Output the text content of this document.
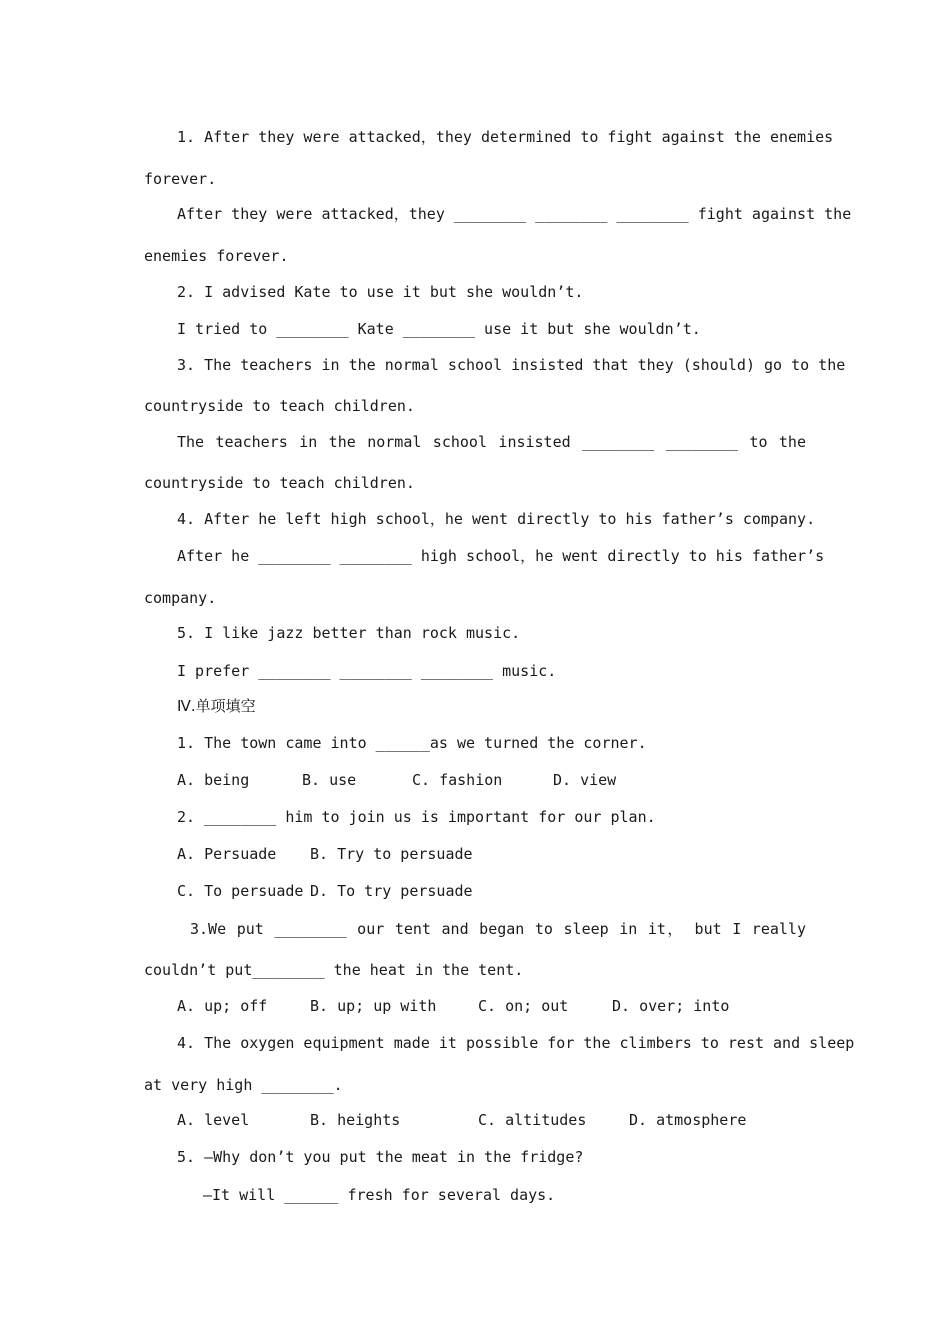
1. After they were attacked，they determined to fight against the enemies

forever.

After they were attacked，they ________ ________ ________ fight against the

enemies forever.

2. I advised Kate to use it but she wouldn’t.

I tried to ________ Kate ________ use it but she wouldn’t.

3. The teachers in the normal school insisted that they (should) go to the

countryside to teach children.

The teachers in the normal school insisted ________ ________ to the

countryside to teach children.

4. After he left high school，he went directly to his father’s company.

After he ________ ________ high school，he went directly to his father’s

company.

5. I like jazz better than rock music.

I prefer ________ ________ ________ music.

Ⅳ.单项填空

1. The town came into ______as we turned the corner.

A. being	B. use	C. fashion	D. view

2. ________ him to join us is important for our plan.

A. Persuade B. Try to persuade
C. To persuade D. To try persuade

3.We put ________ our tent and began to sleep in it， but I really

couldn’t put________ the heat in the tent.

A. up; off	B. up; up with	C. on; out	D. over; into

4. The oxygen equipment made it possible for the climbers to rest and sleep

at very high ________.

A. level	B. heights	C. altitudes	D. atmosphere

5. —Why don’t you put the meat in the fridge?

—It will ______ fresh for several days.
